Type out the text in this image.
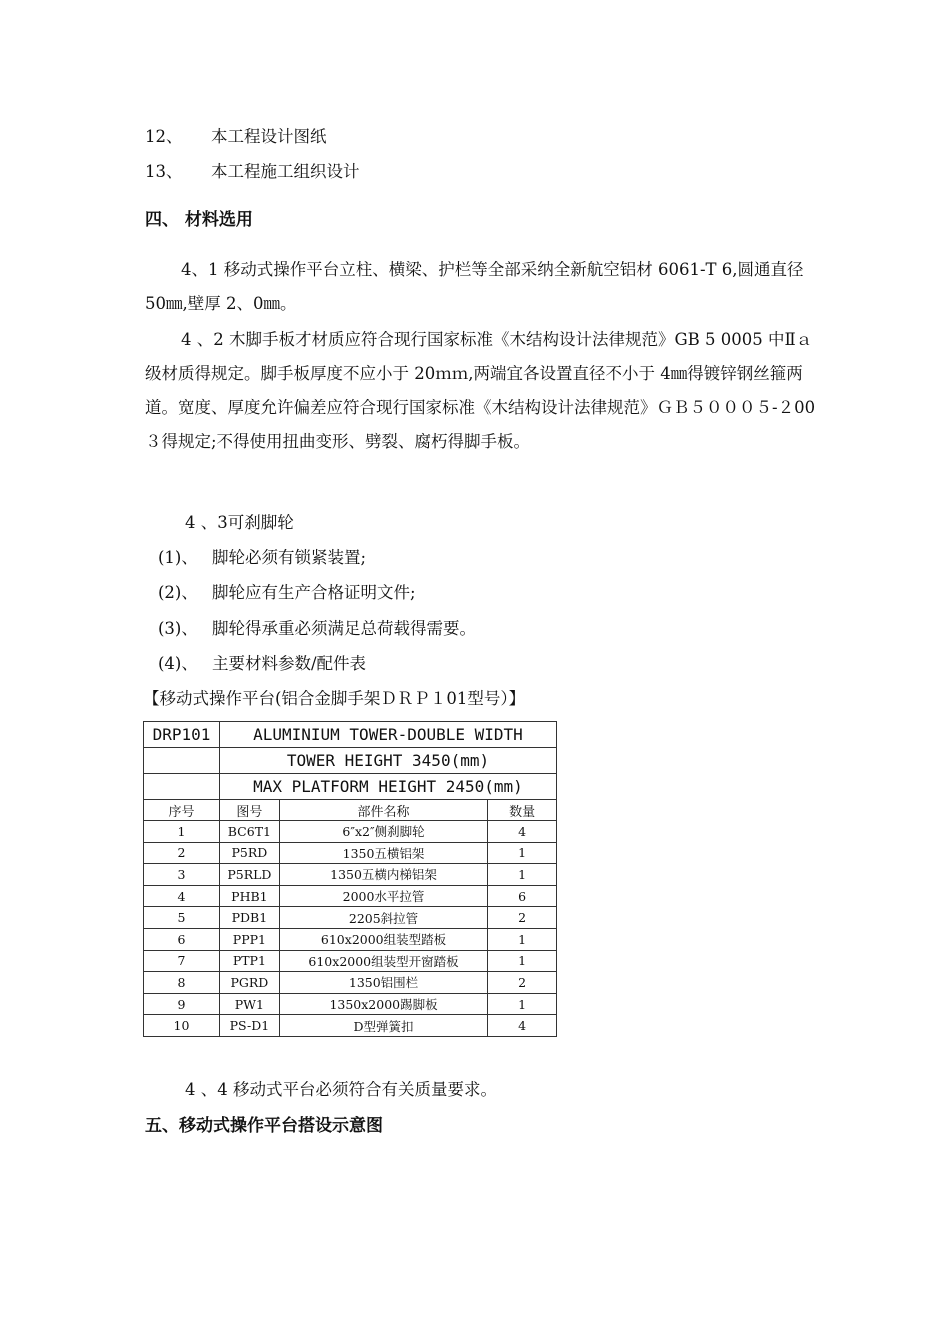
12、 本工程设计图纸
13、 本工程施工组织设计
四、 材料选用
4、1 移动式操作平台立柱、横梁、护栏等全部采纳全新航空铝材 6061-T 6,圆通直径 50㎜,壁厚 2、0㎜。
4 、2 木脚手板才材质应符合现行国家标准《木结构设计法律规范》GB 5 0005 中Ⅱａ级材质得规定。脚手板厚度不应小于 20ｍｍ,两端宜各设置直径不小于 4㎜得镀锌钢丝箍两道。宽度、厚度允许偏差应符合现行国家标准《木结构设计法律规范》ＧＢ５０００５-２00３得规定;不得使用扭曲变形、劈裂、腐朽得脚手板。
4 、3可刹脚轮
(1)、 脚轮必须有锁紧装置;
(2)、 脚轮应有生产合格证明文件;
(3)、 脚轮得承重必须满足总荷载得需要。
(4)、 主要材料参数/配件表
【移动式操作平台(铝合金脚手架ＤＲＰ１01型号）】
DRP101	ALUMINIUM TOWER-DOUBLE WIDTH		
	TOWER HEIGHT 3450(mm)		
	MAX PLATFORM HEIGHT 2450(mm)		
序号	图号	部件名称	数量
1	BC6T1	6″x2″侧刹脚轮	4
2	P5RD	1350五横铝架	1
3	P5RLD	1350五横内梯铝架	1
4	PHB1	2000水平拉管	6
5	PDB1	2205斜拉管	2
6	PPP1	610x2000组装型踏板	1
7	PTP1	610x2000组装型开窗踏板	1
8	PGRD	1350铝围栏	2
9	PW1	1350x2000踢脚板	1
10	PS-D1	D型弹簧扣	4
4 、4 移动式平台必须符合有关质量要求。
五、移动式操作平台搭设示意图
